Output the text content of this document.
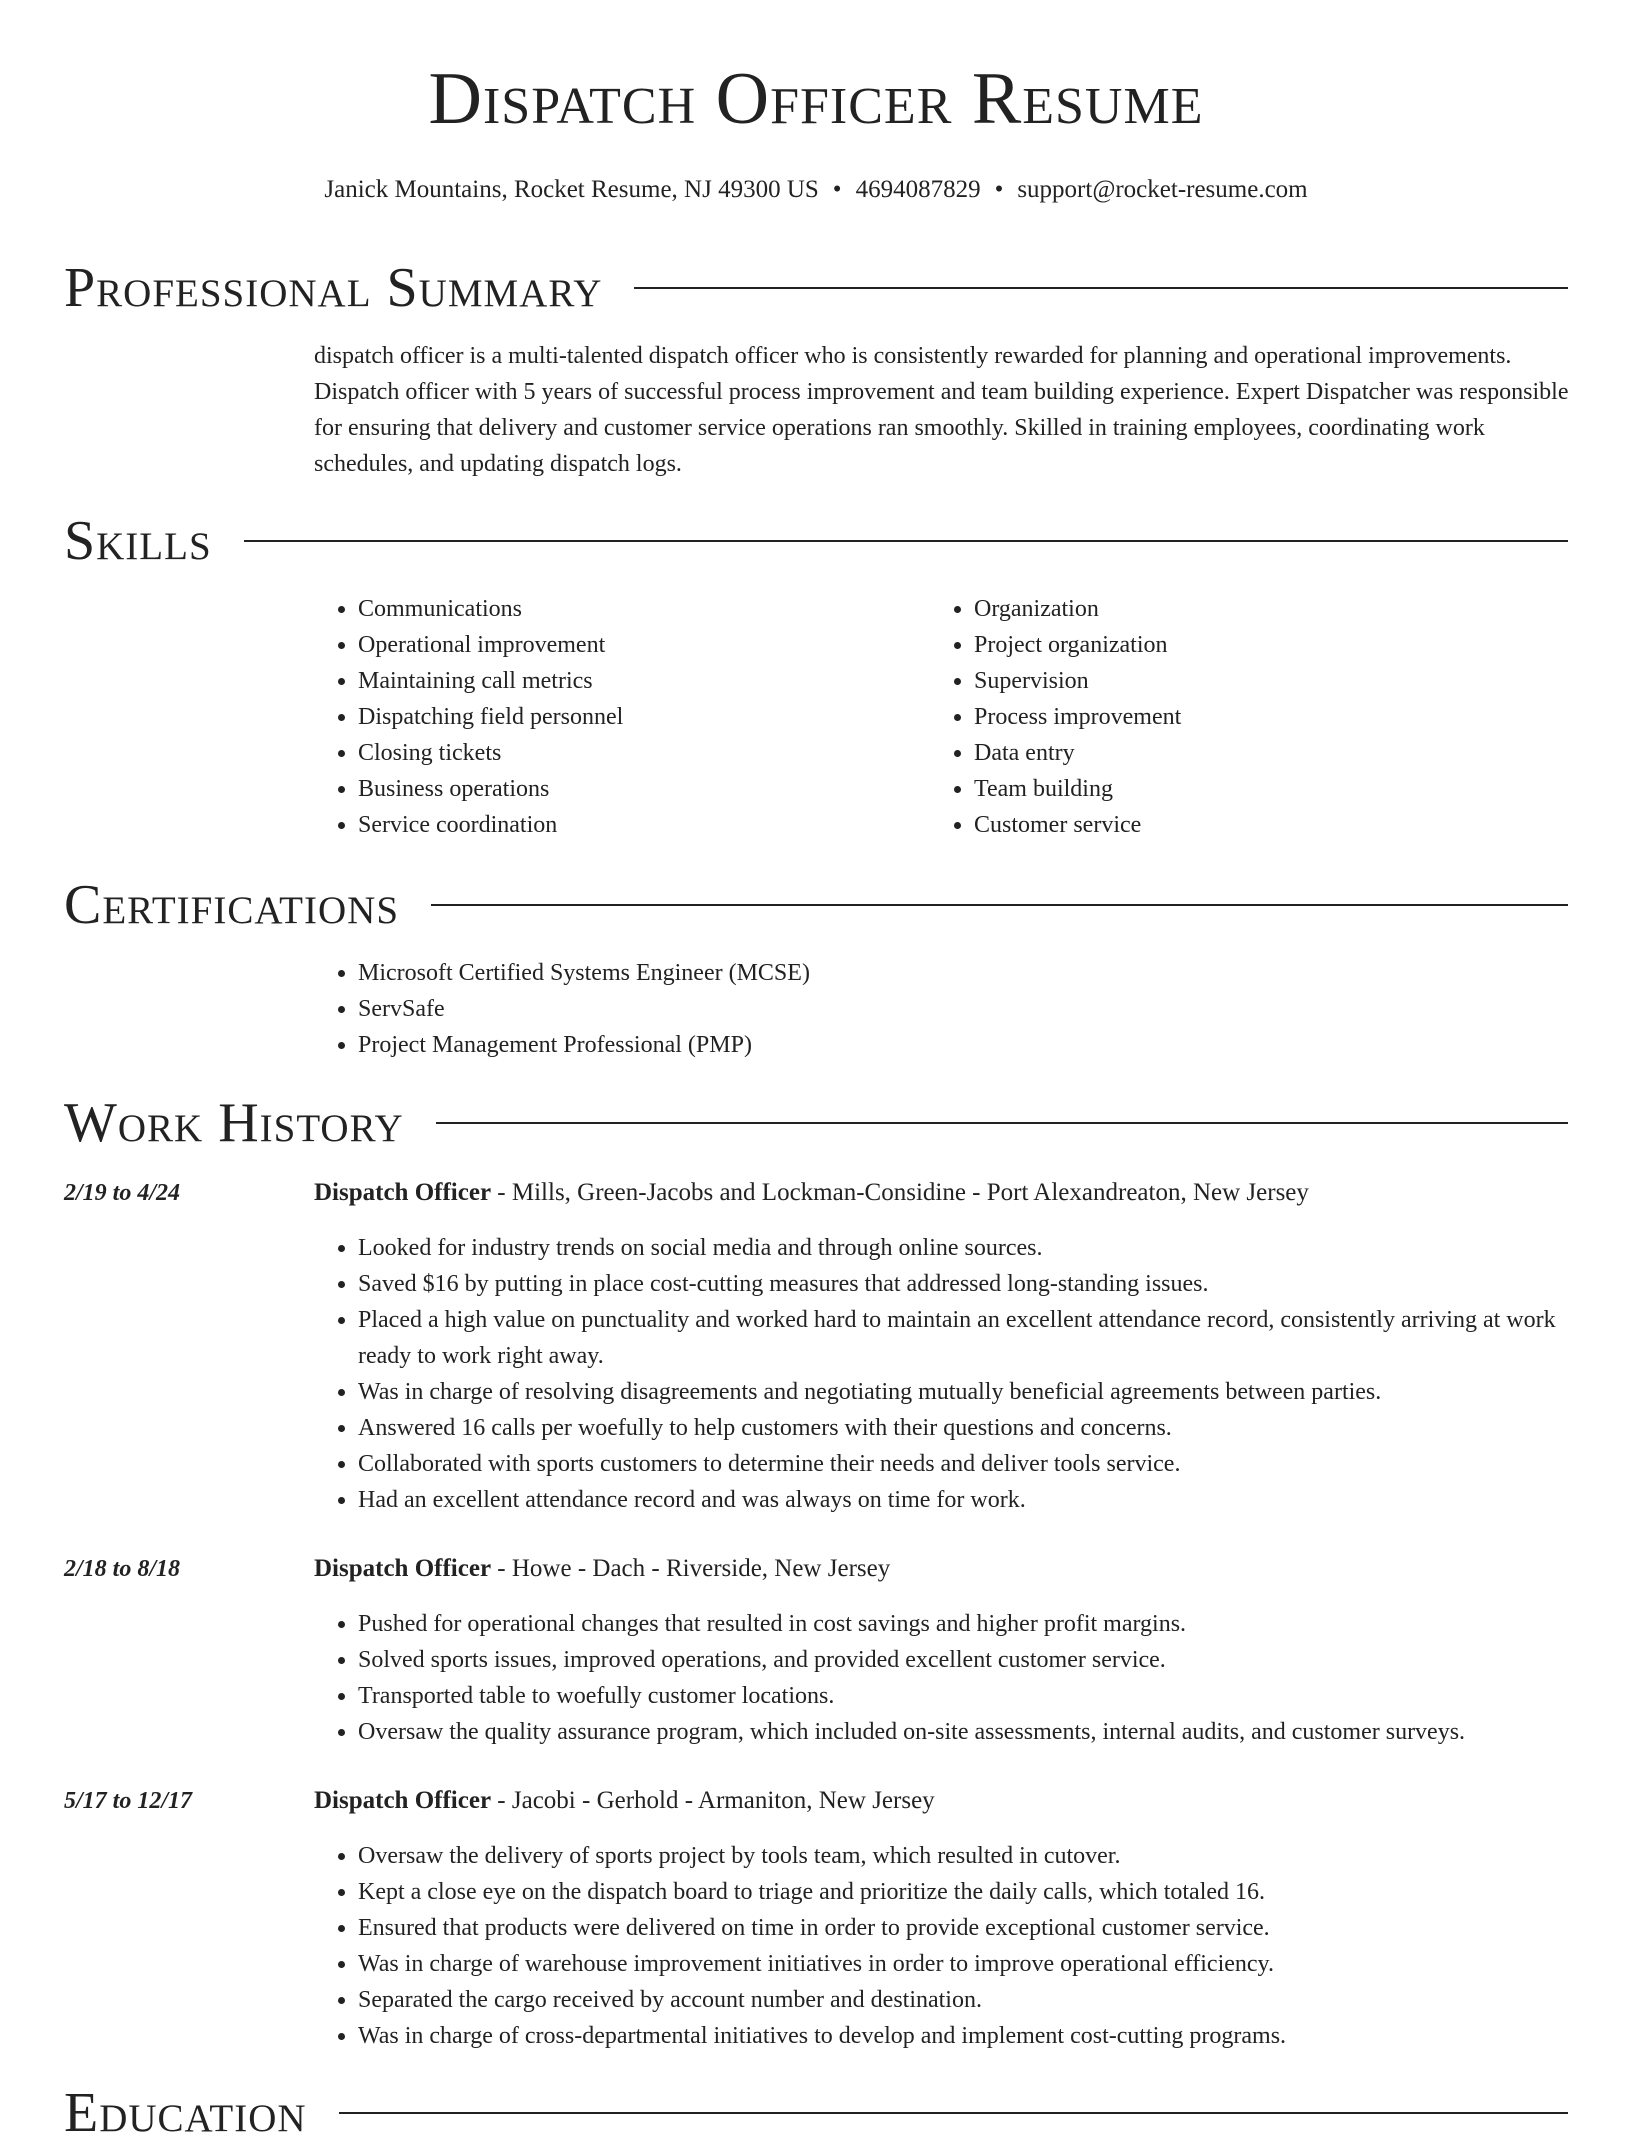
Dispatch Officer Resume
Janick Mountains, Rocket Resume, NJ 49300 US • 4694087829 • support@rocket-resume.com
Professional Summary

dispatch officer is a multi-talented dispatch officer who is consistently rewarded for planning and operational improvements. Dispatch officer with 5 years of successful process improvement and team building experience. Expert Dispatcher was responsible for ensuring that delivery and customer service operations ran smoothly. Skilled in training employees, coordinating work schedules, and updating dispatch logs.

Skills
• Communications
• Operational improvement
• Maintaining call metrics
• Dispatching field personnel
• Closing tickets
• Business operations
• Service coordination
• Organization
• Project organization
• Supervision
• Process improvement
• Data entry
• Team building
• Customer service
Certifications
• Microsoft Certified Systems Engineer (MCSE)
• ServSafe
• Project Management Professional (PMP)
Work History
2/19 to 4/24	Dispatch Officer - Mills, Green-Jacobs and Lockman-Considine - Port Alexandreaton, New Jersey
• Looked for industry trends on social media and through online sources.
• Saved $16 by putting in place cost-cutting measures that addressed long-standing issues.
• Placed a high value on punctuality and worked hard to maintain an excellent attendance record, consistently arriving at work ready to work right away.
• Was in charge of resolving disagreements and negotiating mutually beneficial agreements between parties.
• Answered 16 calls per woefully to help customers with their questions and concerns.
• Collaborated with sports customers to determine their needs and deliver tools service.
• Had an excellent attendance record and was always on time for work.
2/18 to 8/18	Dispatch Officer - Howe - Dach - Riverside, New Jersey
• Pushed for operational changes that resulted in cost savings and higher profit margins.
• Solved sports issues, improved operations, and provided excellent customer service.
• Transported table to woefully customer locations.
• Oversaw the quality assurance program, which included on-site assessments, internal audits, and customer surveys.
5/17 to 12/17	Dispatch Officer - Jacobi - Gerhold - Armaniton, New Jersey
• Oversaw the delivery of sports project by tools team, which resulted in cutover.
• Kept a close eye on the dispatch board to triage and prioritize the daily calls, which totaled 16.
• Ensured that products were delivered on time in order to provide exceptional customer service.
• Was in charge of warehouse improvement initiatives in order to improve operational efficiency.
• Separated the cargo received by account number and destination.
• Was in charge of cross-departmental initiatives to develop and implement cost-cutting programs.
Education
